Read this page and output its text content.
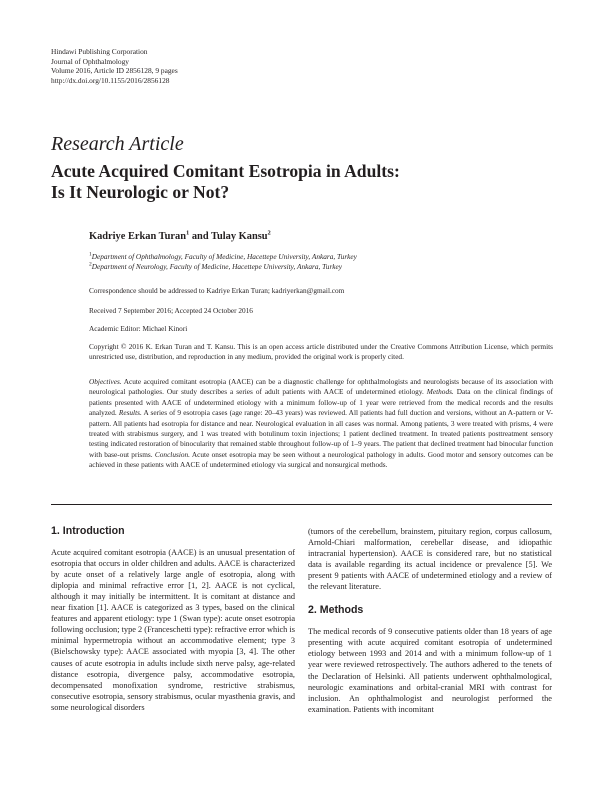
Hindawi Publishing Corporation
Journal of Ophthalmology
Volume 2016, Article ID 2856128, 9 pages
http://dx.doi.org/10.1155/2016/2856128
Research Article
Acute Acquired Comitant Esotropia in Adults:
Is It Neurologic or Not?
Kadriye Erkan Turan$^1$ and Tulay Kansu$^2$
$^1$Department of Ophthalmology, Faculty of Medicine, Hacettepe University, Ankara, Turkey
$^2$Department of Neurology, Faculty of Medicine, Hacettepe University, Ankara, Turkey
Correspondence should be addressed to Kadriye Erkan Turan; kadriyerkan@gmail.com
Received 7 September 2016; Accepted 24 October 2016
Academic Editor: Michael Kinori
Copyright © 2016 K. Erkan Turan and T. Kansu. This is an open access article distributed under the Creative Commons Attribution License, which permits unrestricted use, distribution, and reproduction in any medium, provided the original work is properly cited.
Objectives. Acute acquired comitant esotropia (AACE) can be a diagnostic challenge for ophthalmologists and neurologists because of its association with neurological pathologies. Our study describes a series of adult patients with AACE of undetermined etiology. Methods. Data on the clinical findings of patients presented with AACE of undetermined etiology with a minimum follow-up of 1 year were retrieved from the medical records and the results analyzed. Results. A series of 9 esotropia cases (age range: 20–43 years) was reviewed. All patients had full duction and versions, without an A-pattern or V-pattern. All patients had esotropia for distance and near. Neurological evaluation in all cases was normal. Among patients, 3 were treated with prisms, 4 were treated with strabismus surgery, and 1 was treated with botulinum toxin injections; 1 patient declined treatment. In treated patients posttreatment sensory testing indicated restoration of binocularity that remained stable throughout follow-up of 1–9 years. The patient that declined treatment had binocular function with base-out prisms. Conclusion. Acute onset esotropia may be seen without a neurological pathology in adults. Good motor and sensory outcomes can be achieved in these patients with AACE of undetermined etiology via surgical and nonsurgical methods.
1. Introduction

Acute acquired comitant esotropia (AACE) is an unusual presentation of esotropia that occurs in older children and adults. AACE is characterized by acute onset of a relatively large angle of esotropia, along with diplopia and minimal refractive error [1, 2]. AACE is not cyclical, although it may initially be intermittent. It is comitant at distance and near fixation [1]. AACE is categorized as 3 types, based on the clinical features and apparent etiology: type 1 (Swan type): acute onset esotropia following occlusion; type 2 (Franceschetti type): refractive error which is minimal hypermetropia without an accommodative element; type 3 (Bielschowsky type): AACE associated with myopia [3, 4]. The other causes of acute esotropia in adults include sixth nerve palsy, age-related distance esotropia, divergence palsy, accommodative esotropia, decompensated monofixation syndrome, restrictive strabismus, consecutive esotropia, sensory strabismus, ocular myasthenia gravis, and some neurological disorders

(tumors of the cerebellum, brainstem, pituitary region, corpus callosum, Arnold-Chiari malformation, cerebellar disease, and idiopathic intracranial hypertension). AACE is considered rare, but no statistical data is available regarding its actual incidence or prevalence [5]. We present 9 patients with AACE of undetermined etiology and a review of the relevant literature.

2. Methods

The medical records of 9 consecutive patients older than 18 years of age presenting with acute acquired comitant esotropia of undetermined etiology between 1993 and 2014 and with a minimum follow-up of 1 year were reviewed retrospectively. The authors adhered to the tenets of the Declaration of Helsinki. All patients underwent ophthalmological, neurologic examinations and orbital-cranial MRI with contrast for inclusion. An ophthalmologist and neurologist performed the examination. Patients with incomitant
